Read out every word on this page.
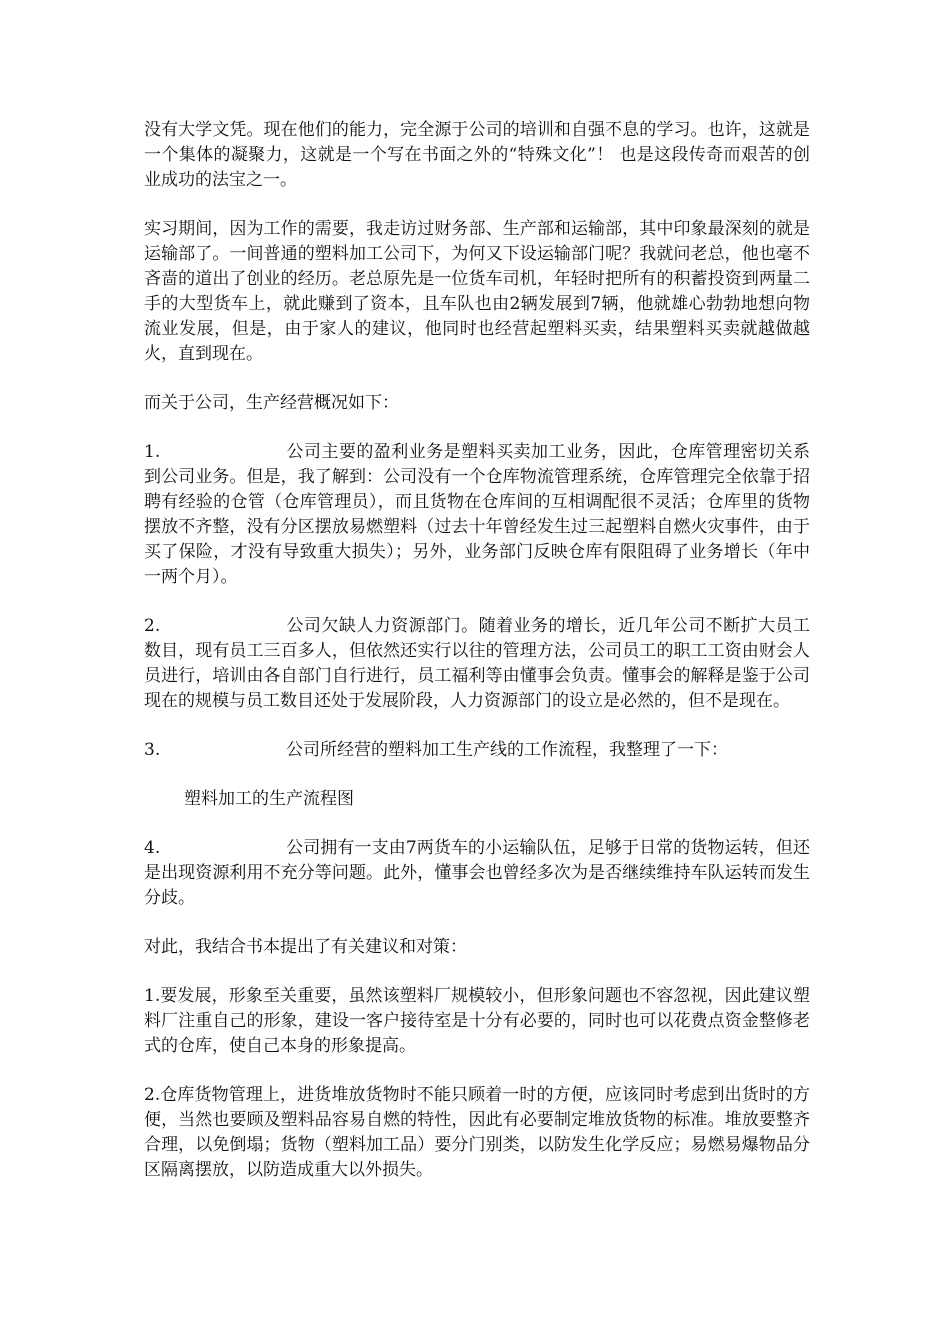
没有大学文凭。现在他们的能力，完全源于公司的培训和自强不息的学习。也许，这就是一个集体的凝聚力，这就是一个写在书面之外的“特殊文化”！ 也是这段传奇而艰苦的创业成功的法宝之一。

实习期间，因为工作的需要，我走访过财务部、生产部和运输部，其中印象最深刻的就是运输部了。一间普通的塑料加工公司下，为何又下设运输部门呢？我就问老总，他也毫不吝啬的道出了创业的经历。老总原先是一位货车司机，年轻时把所有的积蓄投资到两量二手的大型货车上，就此赚到了资本，且车队也由2辆发展到7辆，他就雄心勃勃地想向物流业发展，但是，由于家人的建议，他同时也经营起塑料买卖，结果塑料买卖就越做越火，直到现在。

而关于公司，生产经营概况如下：

1.	公司主要的盈利业务是塑料买卖加工业务，因此，仓库管理密切关系到公司业务。但是，我了解到：公司没有一个仓库物流管理系统，仓库管理完全依靠于招聘有经验的仓管（仓库管理员），而且货物在仓库间的互相调配很不灵活；仓库里的货物摆放不齐整，没有分区摆放易燃塑料（过去十年曾经发生过三起塑料自燃火灾事件，由于买了保险，才没有导致重大损失）；另外，业务部门反映仓库有限阻碍了业务增长（年中一两个月）。

2.	公司欠缺人力资源部门。随着业务的增长，近几年公司不断扩大员工数目，现有员工三百多人，但依然还实行以往的管理方法，公司员工的职工工资由财会人员进行，培训由各自部门自行进行，员工福利等由懂事会负责。懂事会的解释是鉴于公司现在的规模与员工数目还处于发展阶段，人力资源部门的设立是必然的，但不是现在。

3.	公司所经营的塑料加工生产线的工作流程，我整理了一下：

塑料加工的生产流程图

4.	公司拥有一支由7两货车的小运输队伍，足够于日常的货物运转，但还是出现资源利用不充分等问题。此外，懂事会也曾经多次为是否继续维持车队运转而发生分歧。

对此，我结合书本提出了有关建议和对策：

1.要发展，形象至关重要，虽然该塑料厂规模较小，但形象问题也不容忽视，因此建议塑料厂注重自己的形象，建设一客户接待室是十分有必要的，同时也可以花费点资金整修老式的仓库，使自己本身的形象提高。

2.仓库货物管理上，进货堆放货物时不能只顾着一时的方便，应该同时考虑到出货时的方便，当然也要顾及塑料品容易自燃的特性，因此有必要制定堆放货物的标准。堆放要整齐合理，以免倒塌；货物（塑料加工品）要分门别类，以防发生化学反应；易燃易爆物品分区隔离摆放，以防造成重大以外损失。
